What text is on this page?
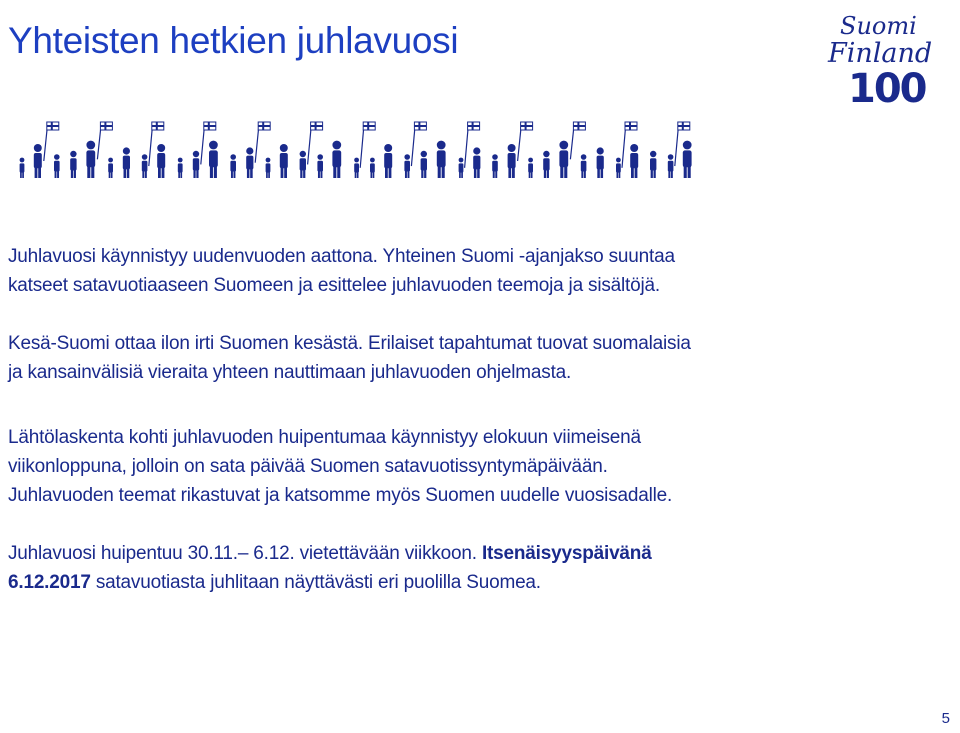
Yhteisten hetkien juhlavuosi	Suomi
Finland
100

Juhlavuosi käynnistyy uudenvuoden aattona. Yhteinen Suomi -ajanjakso suuntaa
katseet satavuotiaaseen Suomeen ja esittelee juhlavuoden teemoja ja sisältöjä.

Kesä-Suomi ottaa ilon irti Suomen kesästä. Erilaiset tapahtumat tuovat suomalaisia
ja kansainvälisiä vieraita yhteen nauttimaan juhlavuoden ohjelmasta.

Lähtölaskenta kohti juhlavuoden huipentumaa käynnistyy elokuun viimeisenä
viikonloppuna, jolloin on sata päivää Suomen satavuotissyntymäpäivään.
Juhlavuoden teemat rikastuvat ja katsomme myös Suomen uudelle vuosisadalle.

Juhlavuosi huipentuu 30.11.– 6.12. vietettävään viikkoon. Itsenäisyyspäivänä
6.12.2017 satavuotiasta juhlitaan näyttävästi eri puolilla Suomea.

5
